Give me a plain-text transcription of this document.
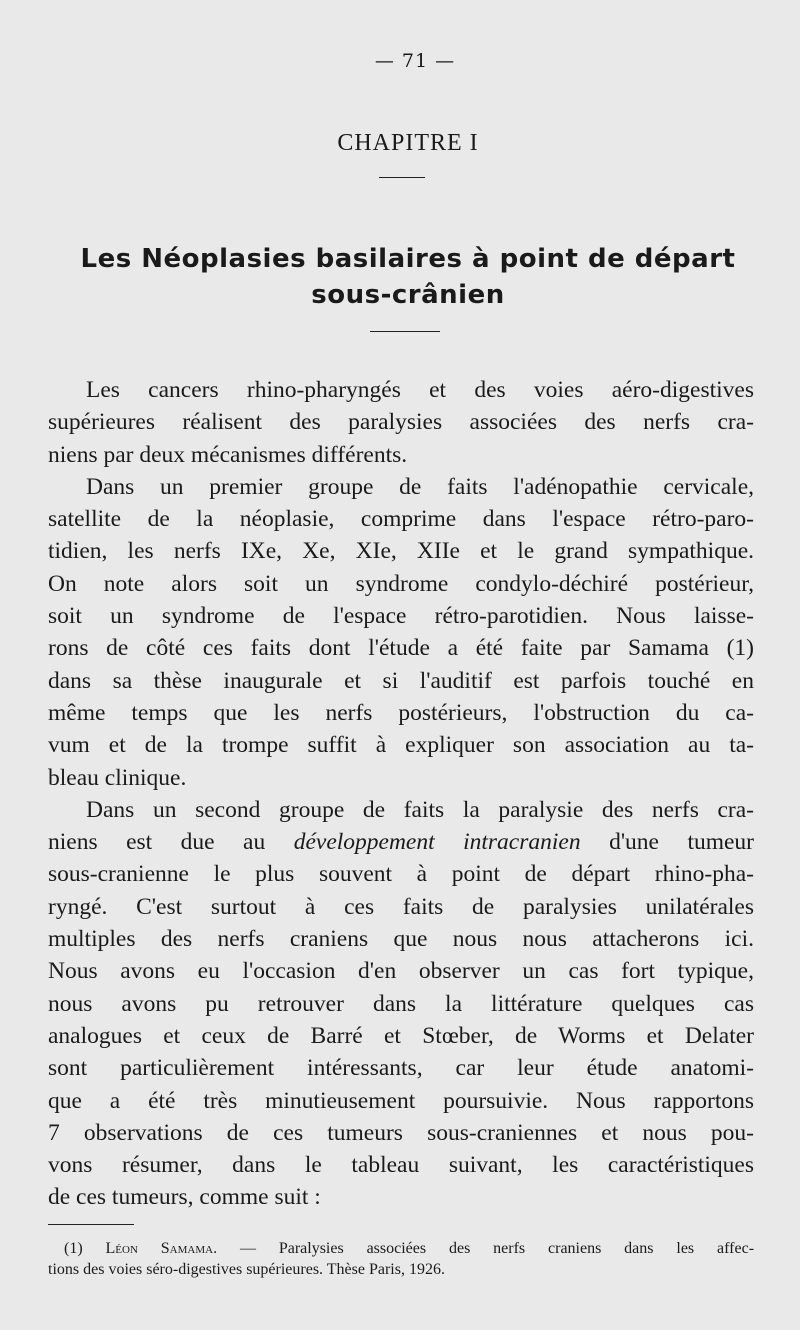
— 71 —
CHAPITRE I
Les Néoplasies basilaires à point de départ
sous-crânien
Les cancers rhino-pharyngés et des voies aéro-digestives
supérieures réalisent des paralysies associées des nerfs cra-
niens par deux mécanismes différents.
Dans un premier groupe de faits l'adénopathie cervicale,
satellite de la néoplasie, comprime dans l'espace rétro-paro-
tidien, les nerfs IXe, Xe, XIe, XIIe et le grand sympathique.
On note alors soit un syndrome condylo-déchiré postérieur,
soit un syndrome de l'espace rétro-parotidien. Nous laisse-
rons de côté ces faits dont l'étude a été faite par Samama (1)
dans sa thèse inaugurale et si l'auditif est parfois touché en
même temps que les nerfs postérieurs, l'obstruction du ca-
vum et de la trompe suffit à expliquer son association au ta-
bleau clinique.
Dans un second groupe de faits la paralysie des nerfs cra-
niens est due au développement intracranien d'une tumeur
sous-cranienne le plus souvent à point de départ rhino-pha-
ryngé. C'est surtout à ces faits de paralysies unilatérales
multiples des nerfs craniens que nous nous attacherons ici.
Nous avons eu l'occasion d'en observer un cas fort typique,
nous avons pu retrouver dans la littérature quelques cas
analogues et ceux de Barré et Stœber, de Worms et Delater
sont particulièrement intéressants, car leur étude anatomi-
que a été très minutieusement poursuivie. Nous rapportons
7 observations de ces tumeurs sous-craniennes et nous pou-
vons résumer, dans le tableau suivant, les caractéristiques
de ces tumeurs, comme suit :
(1) Léon Samama. — Paralysies associées des nerfs craniens dans les affec-
tions des voies séro-digestives supérieures. Thèse Paris, 1926.
